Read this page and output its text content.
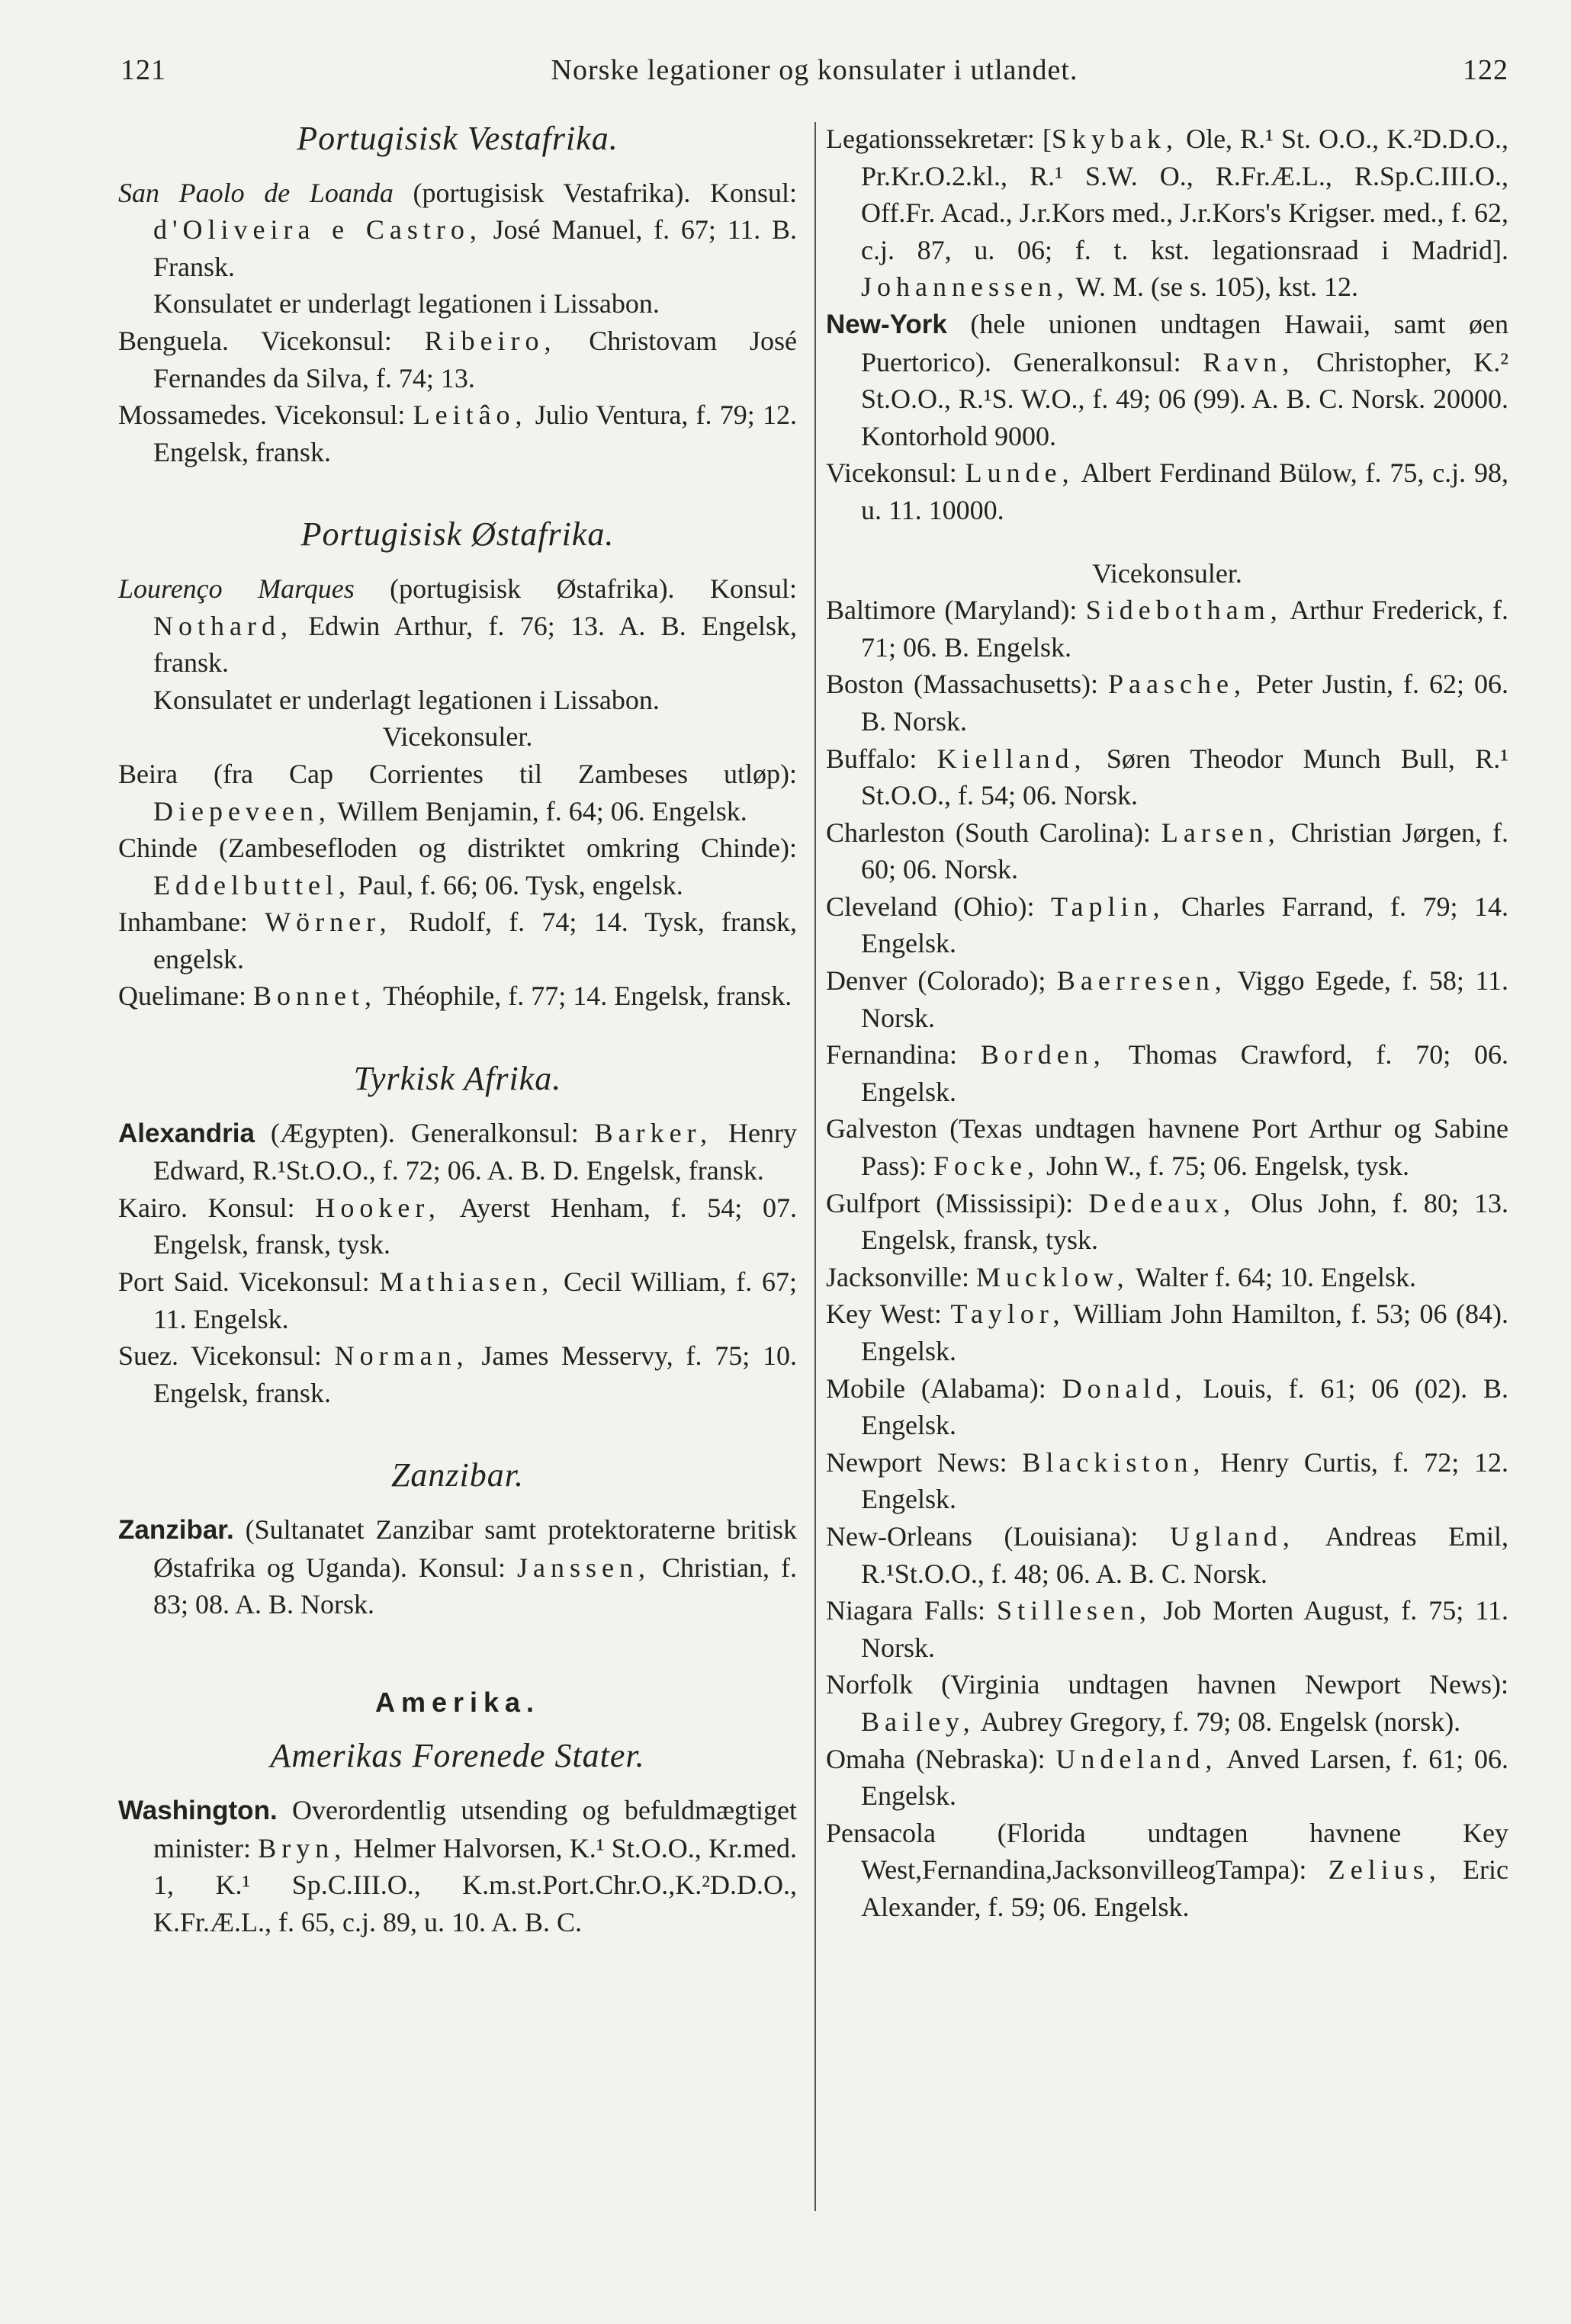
121	Norske legationer og konsulater i utlandet.	122
Portugisisk Vestafrika.

San Paolo de Loanda (portugisisk Vestafrika). Konsul: d'Oliveira e Castro, José Manuel, f. 67; 11. B. Fransk.

Konsulatet er underlagt legationen i Lissabon.

Benguela. Vicekonsul: Ribeiro, Christovam José Fernandes da Silva, f. 74; 13.

Mossamedes. Vicekonsul: Leitâo, Julio Ventura, f. 79; 12. Engelsk, fransk.

Portugisisk Østafrika.

Lourenço Marques (portugisisk Østafrika). Konsul: Nothard, Edwin Arthur, f. 76; 13. A. B. Engelsk, fransk.

Konsulatet er underlagt legationen i Lissabon.

Vicekonsuler.

Beira (fra Cap Corrientes til Zambeses utløp): Diepeveen, Willem Benjamin, f. 64; 06. Engelsk.

Chinde (Zambesefloden og distriktet omkring Chinde): Eddelbuttel, Paul, f. 66; 06. Tysk, engelsk.

Inhambane: Wörner, Rudolf, f. 74; 14. Tysk, fransk, engelsk.

Quelimane: Bonnet, Théophile, f. 77; 14. Engelsk, fransk.

Tyrkisk Afrika.

Alexandria (Ægypten). Generalkonsul: Barker, Henry Edward, R.¹St.O.O., f. 72; 06. A. B. D. Engelsk, fransk.

Kairo. Konsul: Hooker, Ayerst Henham, f. 54; 07. Engelsk, fransk, tysk.

Port Said. Vicekonsul: Mathiasen, Cecil William, f. 67; 11. Engelsk.

Suez. Vicekonsul: Norman, James Messervy, f. 75; 10. Engelsk, fransk.

Zanzibar.

Zanzibar. (Sultanatet Zanzibar samt protektoraterne britisk Østafrika og Uganda). Konsul: Janssen, Christian, f. 83; 08. A. B. Norsk.

Amerika.
Amerikas Forenede Stater.

Washington. Overordentlig utsending og befuldmægtiget minister: Bryn, Helmer Halvorsen, K.¹ St.O.O., Kr.med. 1, K.¹ Sp.C.III.O., K.m.st.Port.Chr.O.,K.²D.D.O., K.Fr.Æ.L., f. 65, c.j. 89, u. 10. A. B. C.

Legationssekretær: [Skybak, Ole, R.¹ St. O.O., K.²D.D.O., Pr.Kr.O.2.kl., R.¹ S.W. O., R.Fr.Æ.L., R.Sp.C.III.O., Off.Fr. Acad., J.r.Kors med., J.r.Kors's Krigser. med., f. 62, c.j. 87, u. 06; f. t. kst. legationsraad i Madrid]. Johannessen, W. M. (se s. 105), kst. 12.

New-York (hele unionen undtagen Hawaii, samt øen Puertorico). Generalkonsul: Ravn, Christopher, K.² St.O.O., R.¹S. W.O., f. 49; 06 (99). A. B. C. Norsk. 20000. Kontorhold 9000.

Vicekonsul: Lunde, Albert Ferdinand Bülow, f. 75, c.j. 98, u. 11. 10000.

Vicekonsuler.

Baltimore (Maryland): Sidebotham, Arthur Frederick, f. 71; 06. B. Engelsk.

Boston (Massachusetts): Paasche, Peter Justin, f. 62; 06. B. Norsk.

Buffalo: Kielland, Søren Theodor Munch Bull, R.¹ St.O.O., f. 54; 06. Norsk.

Charleston (South Carolina): Larsen, Christian Jørgen, f. 60; 06. Norsk.

Cleveland (Ohio): Taplin, Charles Farrand, f. 79; 14. Engelsk.

Denver (Colorado); Baerresen, Viggo Egede, f. 58; 11. Norsk.

Fernandina: Borden, Thomas Crawford, f. 70; 06. Engelsk.

Galveston (Texas undtagen havnene Port Arthur og Sabine Pass): Focke, John W., f. 75; 06. Engelsk, tysk.

Gulfport (Mississipi): Dedeaux, Olus John, f. 80; 13. Engelsk, fransk, tysk.

Jacksonville: Mucklow, Walter f. 64; 10. Engelsk.

Key West: Taylor, William John Hamilton, f. 53; 06 (84). Engelsk.

Mobile (Alabama): Donald, Louis, f. 61; 06 (02). B. Engelsk.

Newport News: Blackiston, Henry Curtis, f. 72; 12. Engelsk.

New-Orleans (Louisiana): Ugland, Andreas Emil, R.¹St.O.O., f. 48; 06. A. B. C. Norsk.

Niagara Falls: Stillesen, Job Morten August, f. 75; 11. Norsk.

Norfolk (Virginia undtagen havnen Newport News): Bailey, Aubrey Gregory, f. 79; 08. Engelsk (norsk).

Omaha (Nebraska): Undeland, Anved Larsen, f. 61; 06. Engelsk.

Pensacola (Florida undtagen havnene Key West,Fernandina,JacksonvilleogTampa): Zelius, Eric Alexander, f. 59; 06. Engelsk.
